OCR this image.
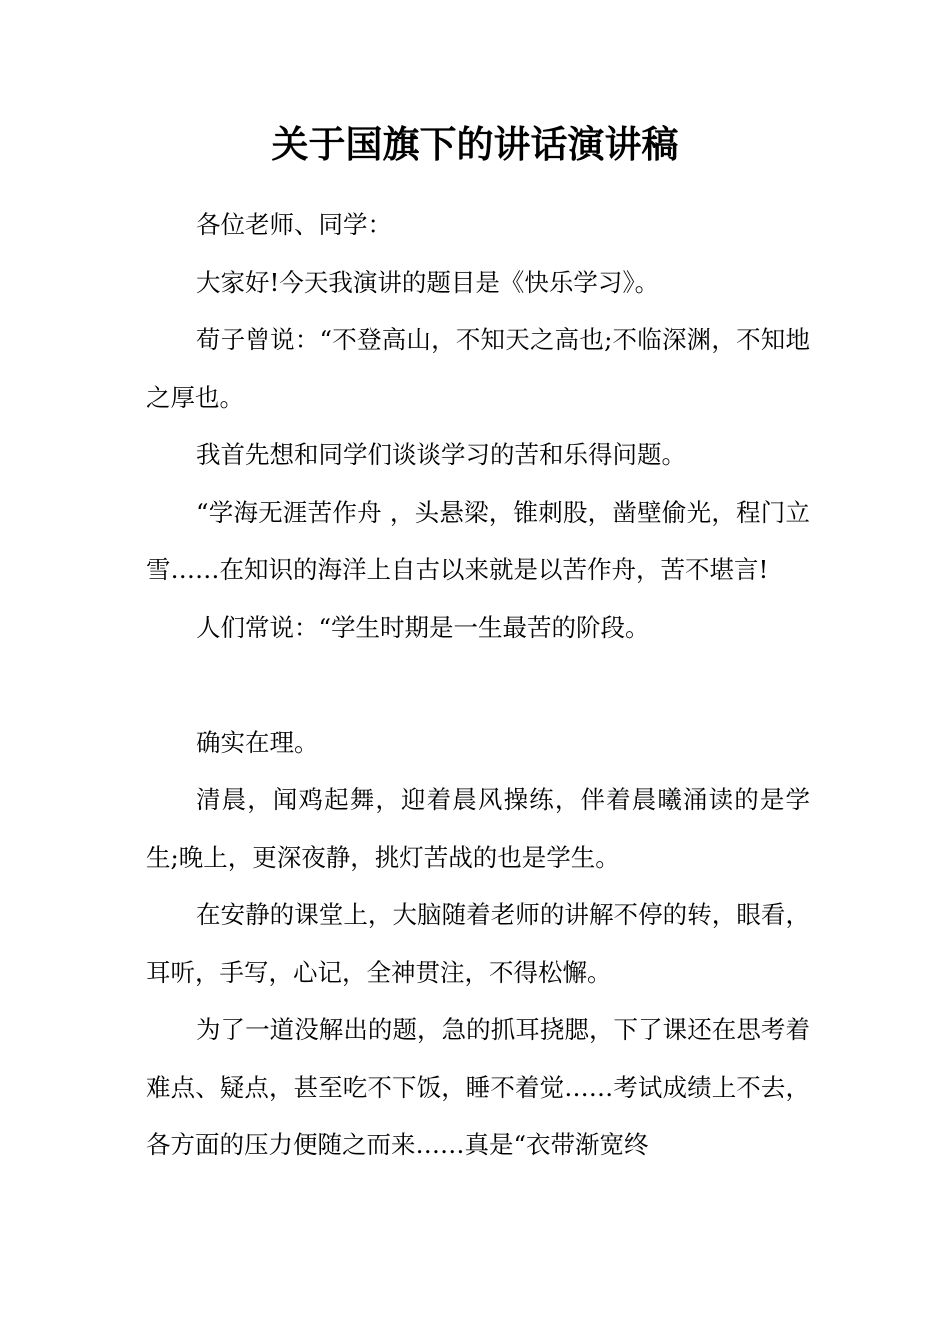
关于国旗下的讲话演讲稿

各位老师、同学：

大家好!今天我演讲的题目是《快乐学习》。

荀子曾说：“不登高山，不知天之高也;不临深渊，不知地之厚也。

我首先想和同学们谈谈学习的苦和乐得问题。

“学海无涯苦作舟 ，头悬梁，锥刺股，凿壁偷光，程门立雪……在知识的海洋上自古以来就是以苦作舟，苦不堪言!

人们常说：“学生时期是一生最苦的阶段。

确实在理。

清晨，闻鸡起舞，迎着晨风操练，伴着晨曦涌读的是学生;晚上，更深夜静，挑灯苦战的也是学生。

在安静的课堂上，大脑随着老师的讲解不停的转，眼看，耳听，手写，心记，全神贯注，不得松懈。

为了一道没解出的题，急的抓耳挠腮，下了课还在思考着难点、疑点，甚至吃不下饭，睡不着觉……考试成绩上不去，各方面的压力便随之而来……真是“衣带渐宽终
